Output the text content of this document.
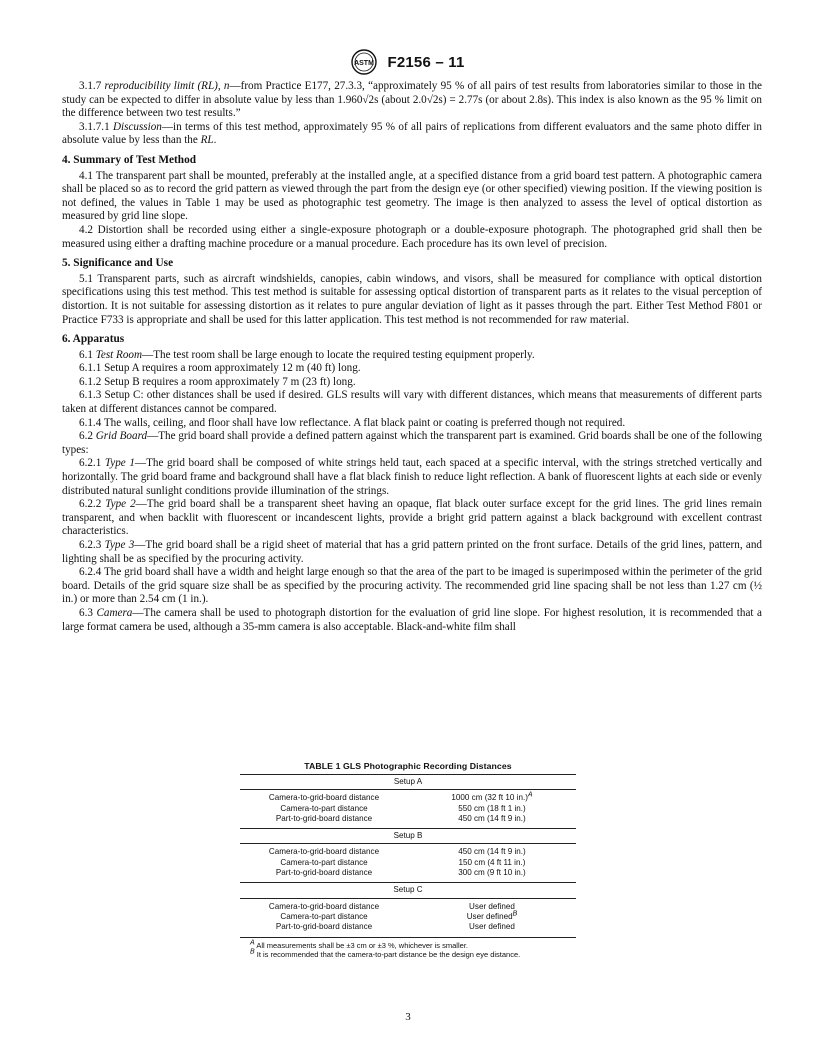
ASTM F2156 – 11

3.1.7 reproducibility limit (RL), n—from Practice E177, 27.3.3, “approximately 95 % of all pairs of test results from laboratories similar to those in the study can be expected to differ in absolute value by less than 1.960√2s (about 2.0√2s) = 2.77s (or about 2.8s). This index is also known as the 95 % limit on the difference between two test results.”

3.1.7.1 Discussion—in terms of this test method, approximately 95 % of all pairs of replications from different evaluators and the same photo differ in absolute value by less than the RL.

4. Summary of Test Method

4.1 The transparent part shall be mounted, preferably at the installed angle, at a specified distance from a grid board test pattern. A photographic camera shall be placed so as to record the grid pattern as viewed through the part from the design eye (or other specified) viewing position. If the viewing position is not defined, the values in Table 1 may be used as photographic test geometry. The image is then analyzed to assess the level of optical distortion as measured by grid line slope.

4.2 Distortion shall be recorded using either a single-exposure photograph or a double-exposure photograph. The photographed grid shall then be measured using either a drafting machine procedure or a manual procedure. Each procedure has its own level of precision.

5. Significance and Use

5.1 Transparent parts, such as aircraft windshields, canopies, cabin windows, and visors, shall be measured for compliance with optical distortion specifications using this test method. This test method is suitable for assessing optical distortion of transparent parts as it relates to the visual perception of distortion. It is not suitable for assessing distortion as it relates to pure angular deviation of light as it passes through the part. Either Test Method F801 or Practice F733 is appropriate and shall be used for this latter application. This test method is not recommended for raw material.

6. Apparatus

6.1 Test Room—The test room shall be large enough to locate the required testing equipment properly.

6.1.1 Setup A requires a room approximately 12 m (40 ft) long.

6.1.2 Setup B requires a room approximately 7 m (23 ft) long.

6.1.3 Setup C: other distances shall be used if desired. GLS results will vary with different distances, which means that measurements of different parts taken at different distances cannot be compared.

6.1.4 The walls, ceiling, and floor shall have low reflectance. A flat black paint or coating is preferred though not required.

6.2 Grid Board—The grid board shall provide a defined pattern against which the transparent part is examined. Grid boards shall be one of the following types:

6.2.1 Type 1—The grid board shall be composed of white strings held taut, each spaced at a specific interval, with the strings stretched vertically and horizontally. The grid board frame and background shall have a flat black finish to reduce light reflection. A bank of fluorescent lights at each side or evenly distributed natural sunlight conditions provide illumination of the strings.

6.2.2 Type 2—The grid board shall be a transparent sheet having an opaque, flat black outer surface except for the grid lines. The grid lines remain transparent, and when backlit with fluorescent or incandescent lights, provide a bright grid pattern against a black background with excellent contrast characteristics.

6.2.3 Type 3—The grid board shall be a rigid sheet of material that has a grid pattern printed on the front surface. Details of the grid lines, pattern, and lighting shall be as specified by the procuring activity.

6.2.4 The grid board shall have a width and height large enough so that the area of the part to be imaged is superimposed within the perimeter of the grid board. Details of the grid square size shall be as specified by the procuring activity. The recommended grid line spacing shall be not less than 1.27 cm (½ in.) or more than 2.54 cm (1 in.).

6.3 Camera—The camera shall be used to photograph distortion for the evaluation of grid line slope. For highest resolution, it is recommended that a large format camera be used, although a 35-mm camera is also acceptable. Black-and-white film shall

TABLE 1 GLS Photographic Recording Distances
Setup A	
Camera-to-grid-board distance	1000 cm (32 ft 10 in.)$^A$
Camera-to-part distance	550 cm (18 ft 1 in.)
Part-to-grid-board distance	450 cm (14 ft 9 in.)
Setup B	
Camera-to-grid-board distance	450 cm (14 ft 9 in.)
Camera-to-part distance	150 cm (4 ft 11 in.)
Part-to-grid-board distance	300 cm (9 ft 10 in.)
Setup C	
Camera-to-grid-board distance	User defined
Camera-to-part distance	User defined$^B$
Part-to-grid-board distance	User defined

$^A$ All measurements shall be ±3 cm or ±3 %, whichever is smaller.

$^B$ It is recommended that the camera-to-part distance be the design eye distance.

3
